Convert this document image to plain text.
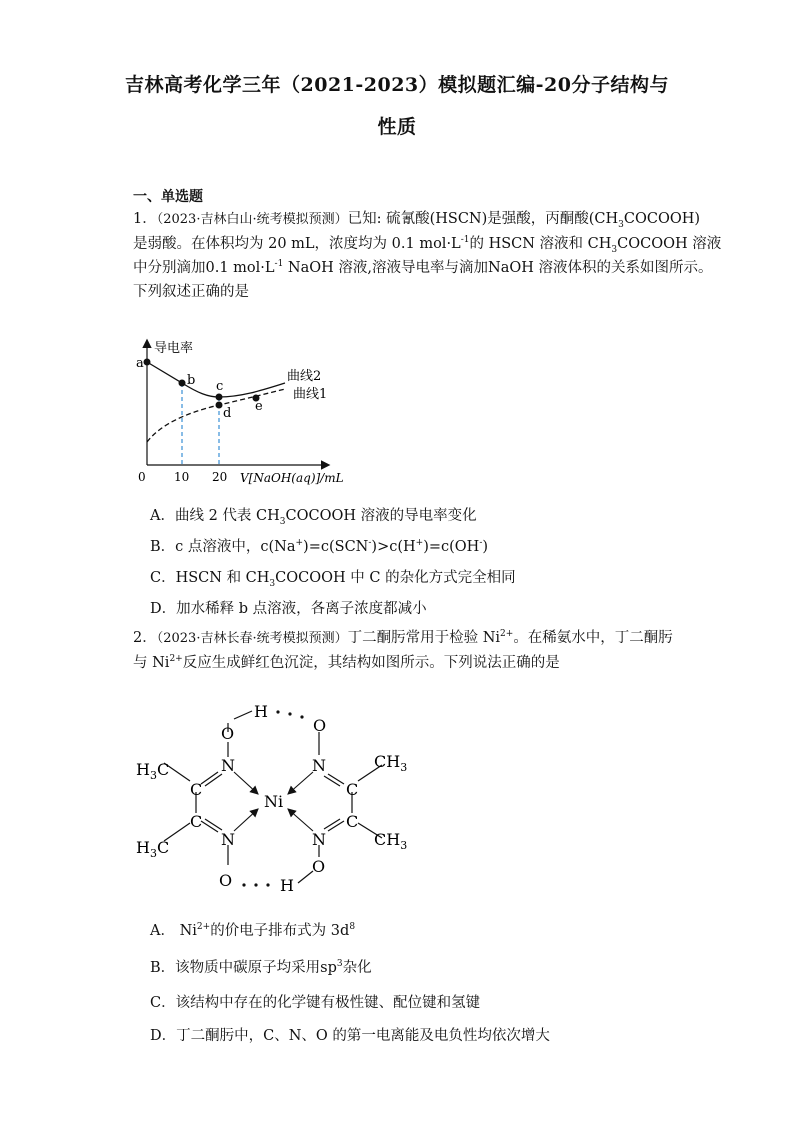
吉林高考化学三年（2021-2023）模拟题汇编-20分子结构与
性质
一、单选题

1．（2023·吉林白山·统考模拟预测）已知: 硫氰酸(HSCN)是强酸，丙酮酸$(CH_3COCOOH)$

是弱酸。在体积均为 20 mL，浓度均为 0.1 $mol\cdot L^{-1}$的 HSCN 溶液和 $CH_3COCOOH$ 溶液

中分别滴加0.1 $mol\cdot L^{-1}$ NaOH 溶液,溶液导电率与滴加NaOH 溶液体积的关系如图所示。

下列叙述正确的是

导电率
V[NaOH(aq)]/mL
0 10 20
a
b c
d e
曲线2
曲线1
A．曲线 2 代表 $CH_3COCOOH$ 溶液的导电率变化
B．c 点溶液中，c(Na+)=c(SCN-)>c(H+)=c(OH-)
C．HSCN 和 $CH_3COCOOH$ 中 C 的杂化方式完全相同
D．加水稀释 b 点溶液，各离子浓度都减小

2．（2023·吉林长春·统考模拟预测）丁二酮肟常用于检验 $Ni^{2+}$。在稀氨水中，丁二酮肟

与 $Ni^{2+}$反应生成鲜红色沉淀，其结构如图所示。下列说法正确的是

Ni
N
N
N
N
O	O
O
O
H
H
C
C
C
C
$H_3C$
$H_3C$
$CH_3$
$CH_3$
A． $Ni^{2+}$的价电子排布式为 $3d^8$
B．该物质中碳原子均采用$sp^3$杂化
C．该结构中存在的化学键有极性键、配位键和氢键
D．丁二酮肟中，C、N、O 的第一电离能及电负性均依次增大
